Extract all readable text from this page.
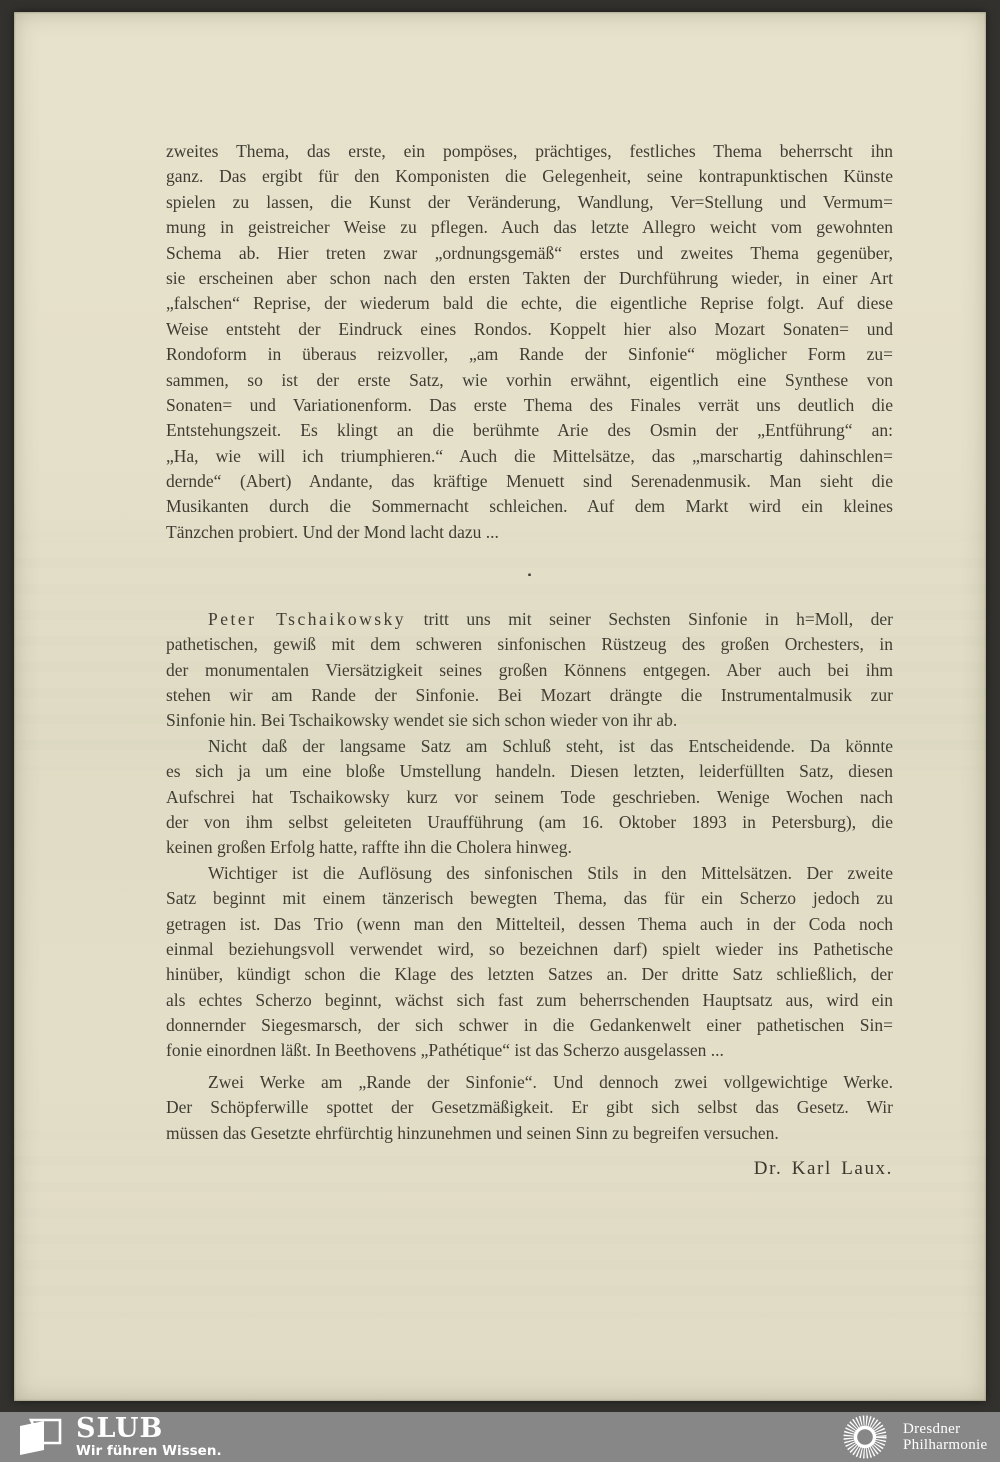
zweites Thema, das erste, ein pompöses, prächtiges, festliches Thema beherrscht ihn
ganz. Das ergibt für den Komponisten die Gelegenheit, seine kontrapunktischen Künste
spielen zu lassen, die Kunst der Veränderung, Wandlung, Ver=Stellung und Vermum=
mung in geistreicher Weise zu pflegen. Auch das letzte Allegro weicht vom gewohnten
Schema ab. Hier treten zwar „ordnungsgemäß“ erstes und zweites Thema gegenüber,
sie erscheinen aber schon nach den ersten Takten der Durchführung wieder, in einer Art
„falschen“ Reprise, der wiederum bald die echte, die eigentliche Reprise folgt. Auf diese
Weise entsteht der Eindruck eines Rondos. Koppelt hier also Mozart Sonaten= und
Rondoform in überaus reizvoller, „am Rande der Sinfonie“ möglicher Form zu=
sammen, so ist der erste Satz, wie vorhin erwähnt, eigentlich eine Synthese von
Sonaten= und Variationenform. Das erste Thema des Finales verrät uns deutlich die
Entstehungszeit. Es klingt an die berühmte Arie des Osmin der „Entführung“ an:
„Ha, wie will ich triumphieren.“ Auch die Mittelsätze, das „marschartig dahinschlen=
dernde“ (Abert) Andante, das kräftige Menuett sind Serenadenmusik. Man sieht die
Musikanten durch die Sommernacht schleichen. Auf dem Markt wird ein kleines
Tänzchen probiert. Und der Mond lacht dazu ...
▪
Peter Tschaikowsky tritt uns mit seiner Sechsten Sinfonie in h=Moll, der
pathetischen, gewiß mit dem schweren sinfonischen Rüstzeug des großen Orchesters, in
der monumentalen Viersätzigkeit seines großen Könnens entgegen. Aber auch bei ihm
stehen wir am Rande der Sinfonie. Bei Mozart drängte die Instrumentalmusik zur
Sinfonie hin. Bei Tschaikowsky wendet sie sich schon wieder von ihr ab.
Nicht daß der langsame Satz am Schluß steht, ist das Entscheidende. Da könnte
es sich ja um eine bloße Umstellung handeln. Diesen letzten, leiderfüllten Satz, diesen
Aufschrei hat Tschaikowsky kurz vor seinem Tode geschrieben. Wenige Wochen nach
der von ihm selbst geleiteten Uraufführung (am 16. Oktober 1893 in Petersburg), die
keinen großen Erfolg hatte, raffte ihn die Cholera hinweg.
Wichtiger ist die Auflösung des sinfonischen Stils in den Mittelsätzen. Der zweite
Satz beginnt mit einem tänzerisch bewegten Thema, das für ein Scherzo jedoch zu
getragen ist. Das Trio (wenn man den Mittelteil, dessen Thema auch in der Coda noch
einmal beziehungsvoll verwendet wird, so bezeichnen darf) spielt wieder ins Pathetische
hinüber, kündigt schon die Klage des letzten Satzes an. Der dritte Satz schließlich, der
als echtes Scherzo beginnt, wächst sich fast zum beherrschenden Hauptsatz aus, wird ein
donnernder Siegesmarsch, der sich schwer in die Gedankenwelt einer pathetischen Sin=
fonie einordnen läßt. In Beethovens „Pathétique“ ist das Scherzo ausgelassen ...
Zwei Werke am „Rande der Sinfonie“. Und dennoch zwei vollgewichtige Werke.
Der Schöpferwille spottet der Gesetzmäßigkeit. Er gibt sich selbst das Gesetz. Wir
müssen das Gesetzte ehrfürchtig hinzunehmen und seinen Sinn zu begreifen versuchen.
Dr. Karl Laux.
SLUB
Wir führen Wissen.
Dresdner
Philharmonie
